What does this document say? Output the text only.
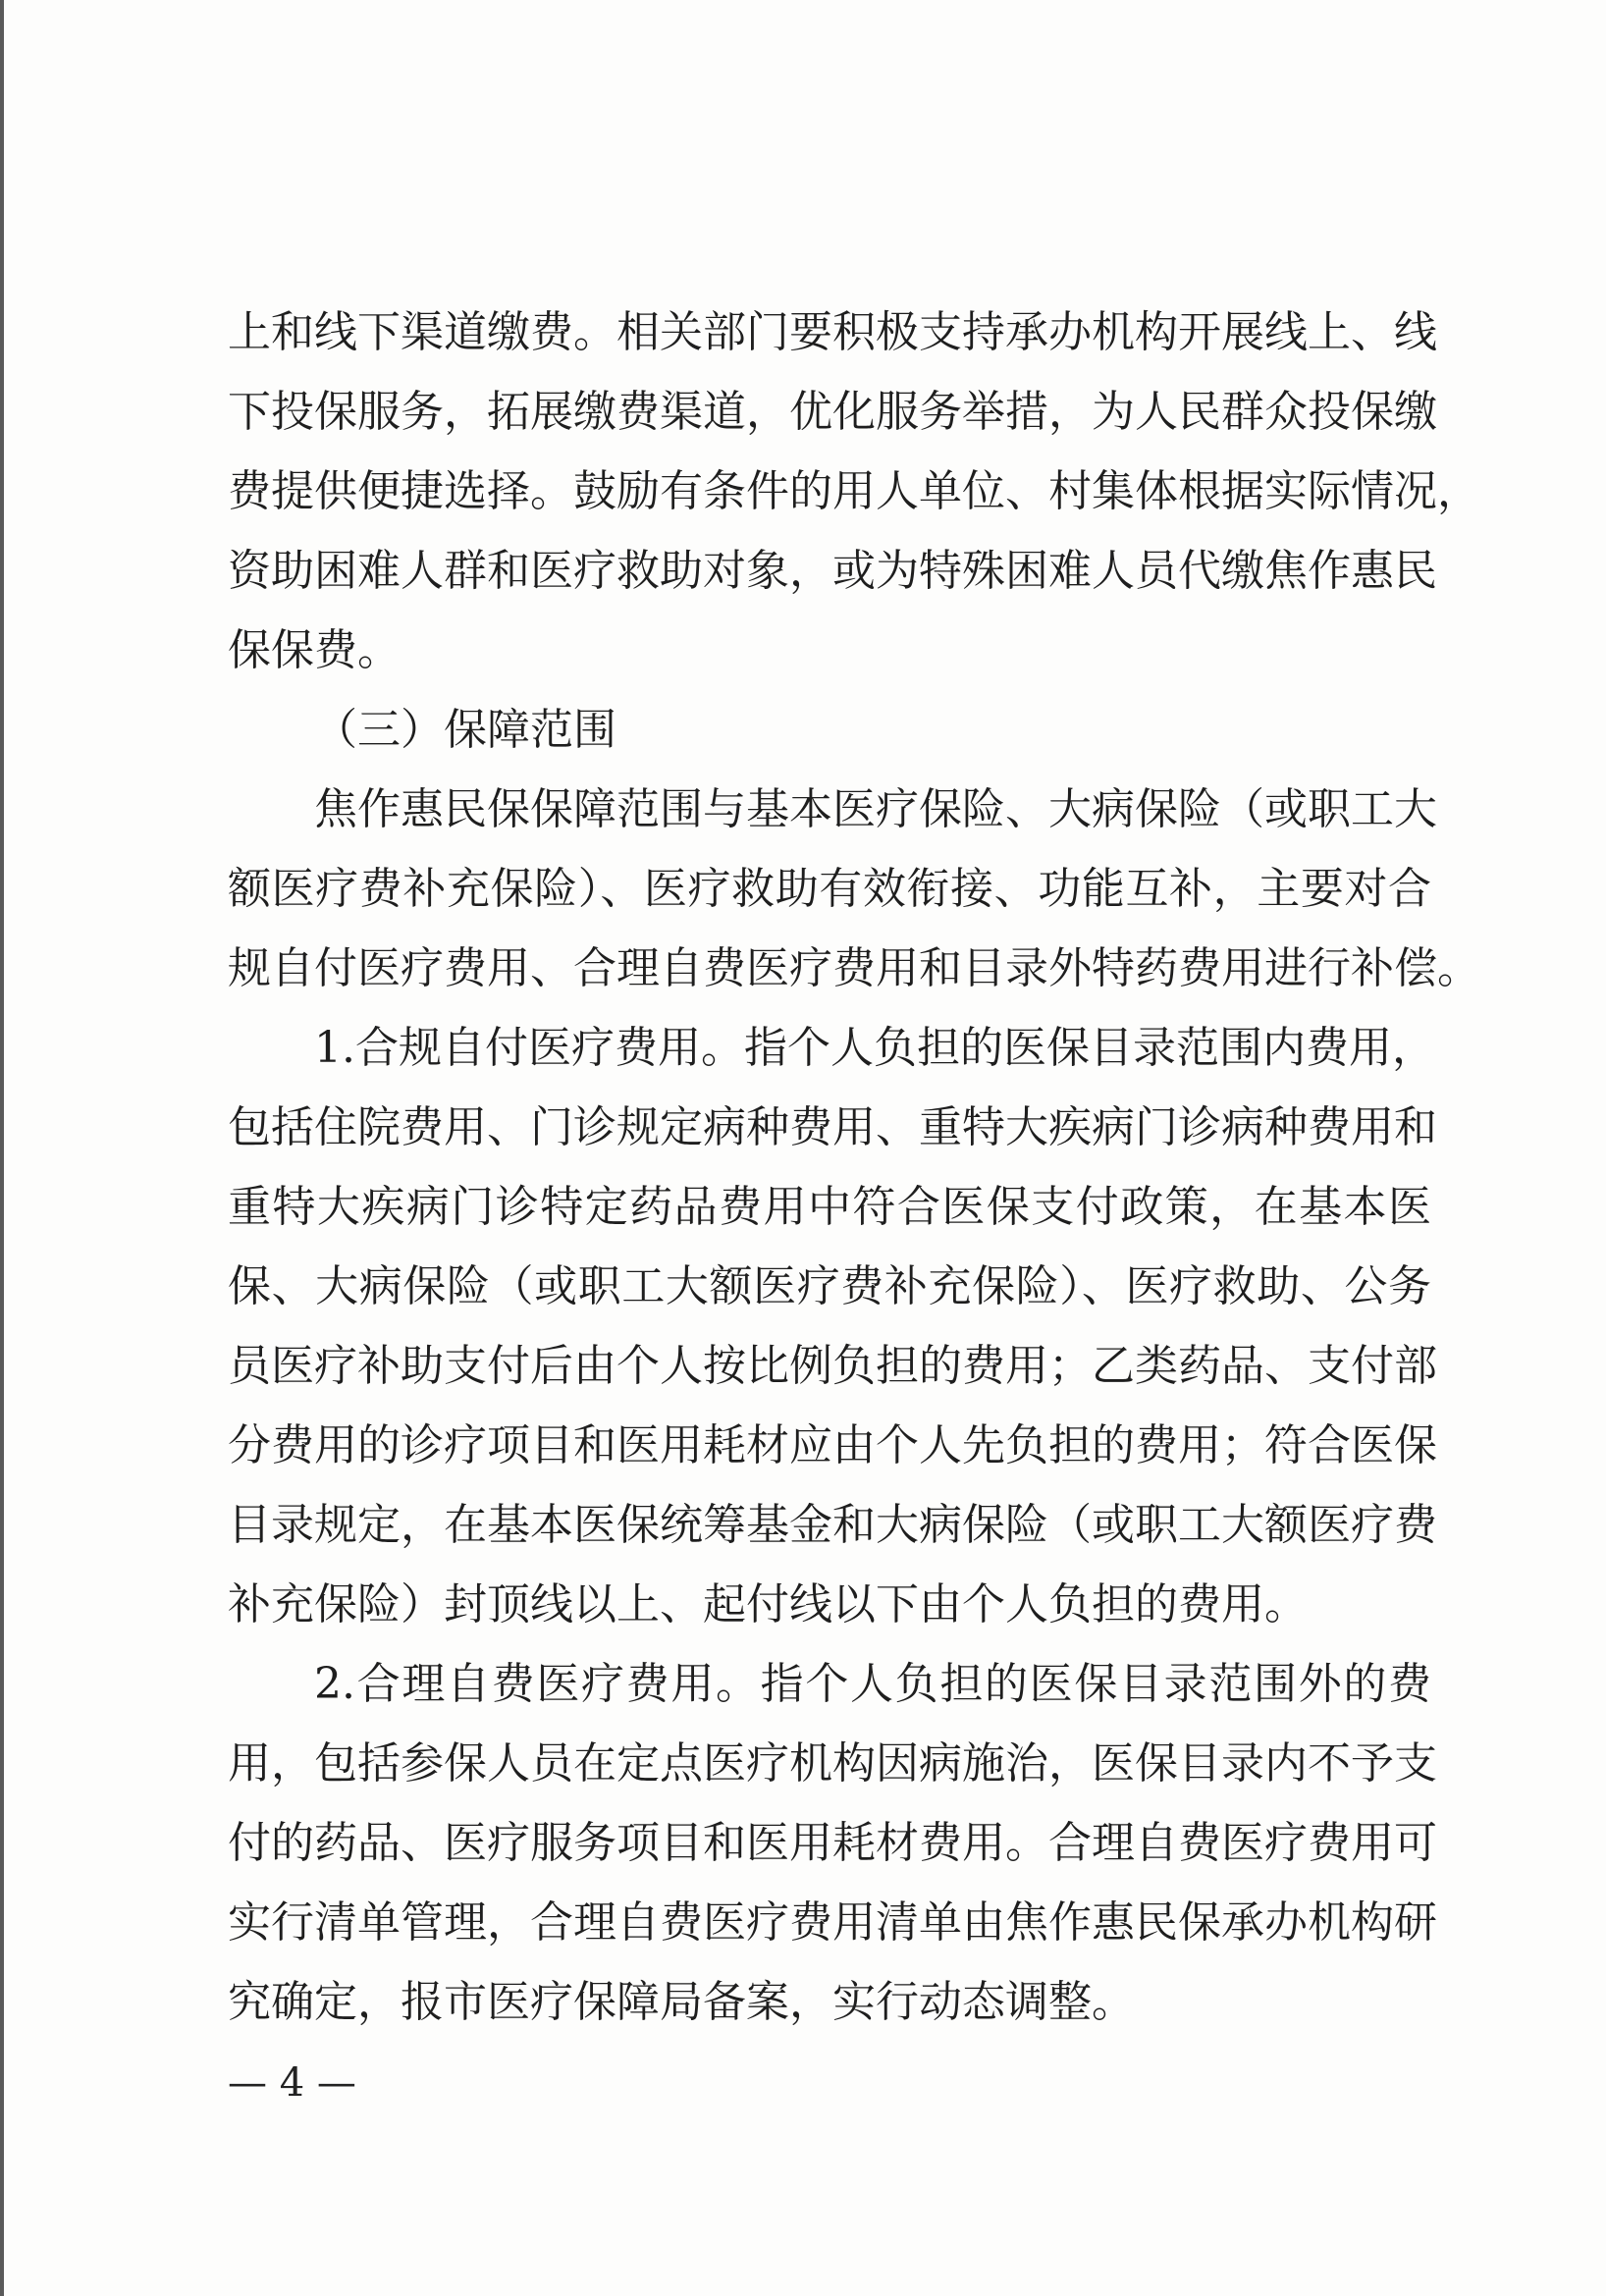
上和线下渠道缴费。相关部门要积极支持承办机构开展线上、线
下投保服务，拓展缴费渠道，优化服务举措，为人民群众投保缴
费提供便捷选择。鼓励有条件的用人单位、村集体根据实际情况，
资助困难人群和医疗救助对象，或为特殊困难人员代缴焦作惠民
保保费。
（三）保障范围
焦作惠民保保障范围与基本医疗保险、大病保险（或职工大
额医疗费补充保险）、医疗救助有效衔接、功能互补，主要对合
规自付医疗费用、合理自费医疗费用和目录外特药费用进行补偿。
1.合规自付医疗费用。指个人负担的医保目录范围内费用，
包括住院费用、门诊规定病种费用、重特大疾病门诊病种费用和
重特大疾病门诊特定药品费用中符合医保支付政策，在基本医
保、大病保险（或职工大额医疗费补充保险）、医疗救助、公务
员医疗补助支付后由个人按比例负担的费用；乙类药品、支付部
分费用的诊疗项目和医用耗材应由个人先负担的费用；符合医保
目录规定，在基本医保统筹基金和大病保险（或职工大额医疗费
补充保险）封顶线以上、起付线以下由个人负担的费用。
2.合理自费医疗费用。指个人负担的医保目录范围外的费
用，包括参保人员在定点医疗机构因病施治，医保目录内不予支
付的药品、医疗服务项目和医用耗材费用。合理自费医疗费用可
实行清单管理，合理自费医疗费用清单由焦作惠民保承办机构研
究确定，报市医疗保障局备案，实行动态调整。
— 4 —
